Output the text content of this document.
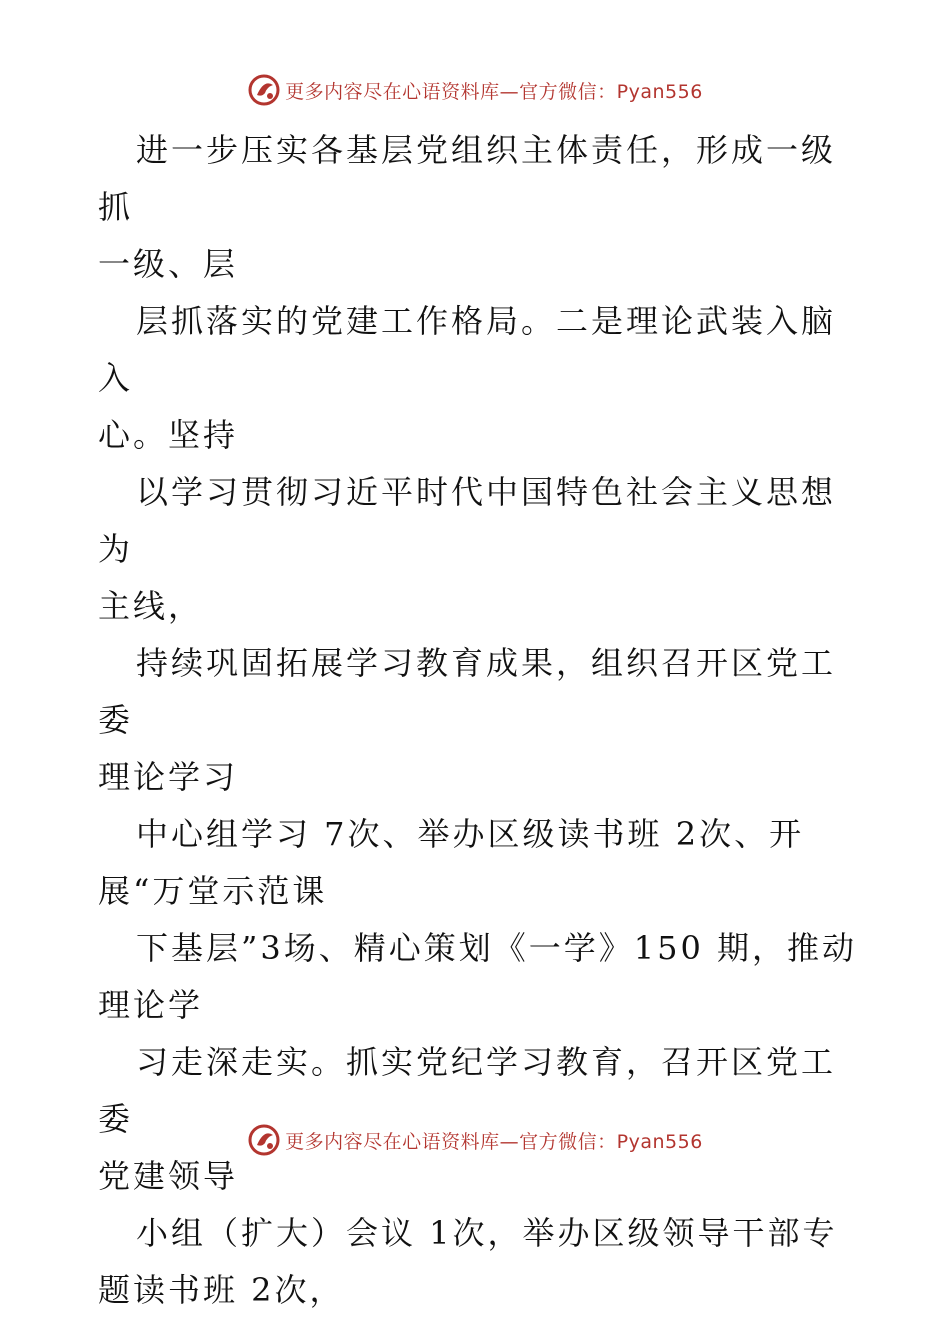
更多内容尽在心语资料库—官方微信：Pyan556

进一步压实各基层党组织主体责任，形成一级抓
一级、层

层抓落实的党建工作格局。二是理论武装入脑入
心。坚持

以学习贯彻习近平时代中国特色社会主义思想为
主线，

持续巩固拓展学习教育成果，组织召开区党工委
理论学习

中心组学习 7次、举办区级读书班 2次、开
展“万堂示范课

下基层”3场、精心策划《一学》150 期，推动
理论学

习走深走实。抓实党纪学习教育，召开区党工委
党建领导

小组（扩大）会议 1次，举办区级领导干部专
题读书班 2次，

更多内容尽在心语资料库—官方微信：Pyan556
